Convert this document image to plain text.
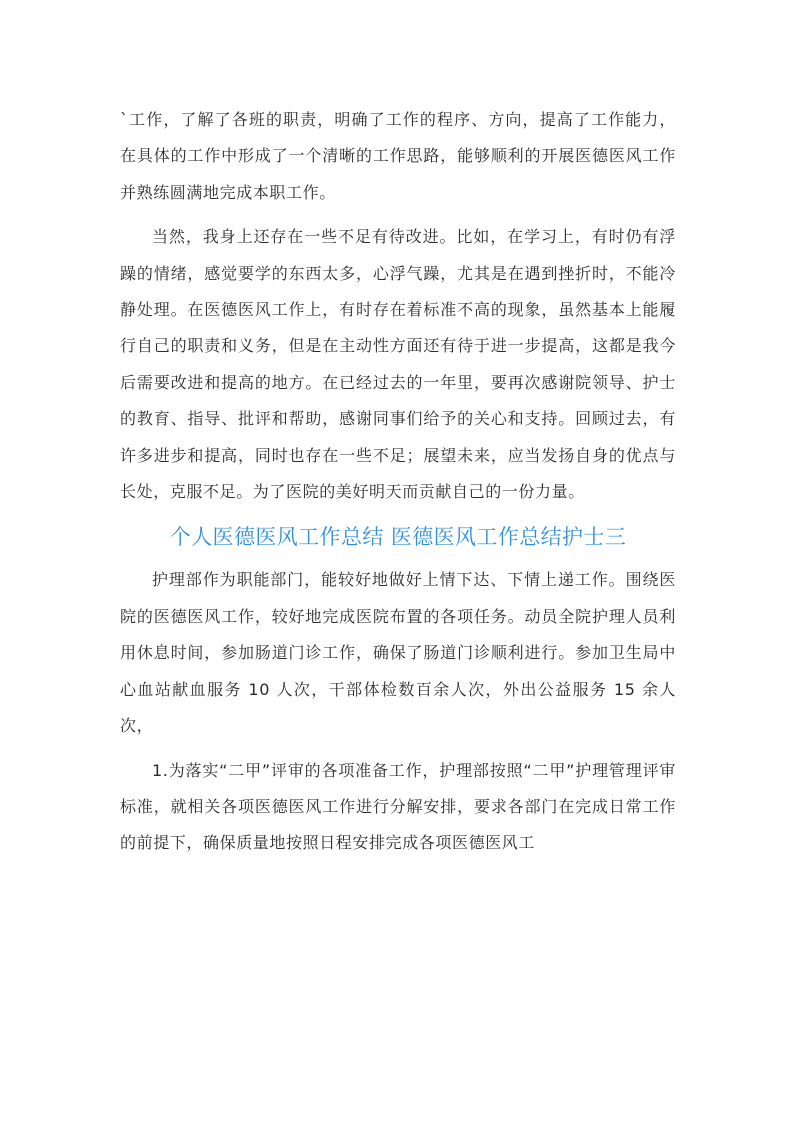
`工作，了解了各班的职责，明确了工作的程序、方向，提高了工作能力，在具体的工作中形成了一个清晰的工作思路，能够顺利的开展医德医风工作并熟练圆满地完成本职工作。

当然，我身上还存在一些不足有待改进。比如，在学习上，有时仍有浮躁的情绪，感觉要学的东西太多，心浮气躁，尤其是在遇到挫折时，不能冷静处理。在医德医风工作上，有时存在着标准不高的现象，虽然基本上能履行自己的职责和义务，但是在主动性方面还有待于进一步提高，这都是我今后需要改进和提高的地方。在已经过去的一年里，要再次感谢院领导、护士的教育、指导、批评和帮助，感谢同事们给予的关心和支持。回顾过去，有许多进步和提高，同时也存在一些不足；展望未来，应当发扬自身的优点与长处，克服不足。为了医院的美好明天而贡献自己的一份力量。

个人医德医风工作总结 医德医风工作总结护士三

护理部作为职能部门，能较好地做好上情下达、下情上递工作。围绕医院的医德医风工作，较好地完成医院布置的各项任务。动员全院护理人员利用休息时间，参加肠道门诊工作，确保了肠道门诊顺利进行。参加卫生局中心血站献血服务 10 人次，干部体检数百余人次，外出公益服务 15 余人次，

1.为落实“二甲”评审的各项准备工作，护理部按照“二甲”护理管理评审标准，就相关各项医德医风工作进行分解安排，要求各部门在完成日常工作的前提下，确保质量地按照日程安排完成各项医德医风工
